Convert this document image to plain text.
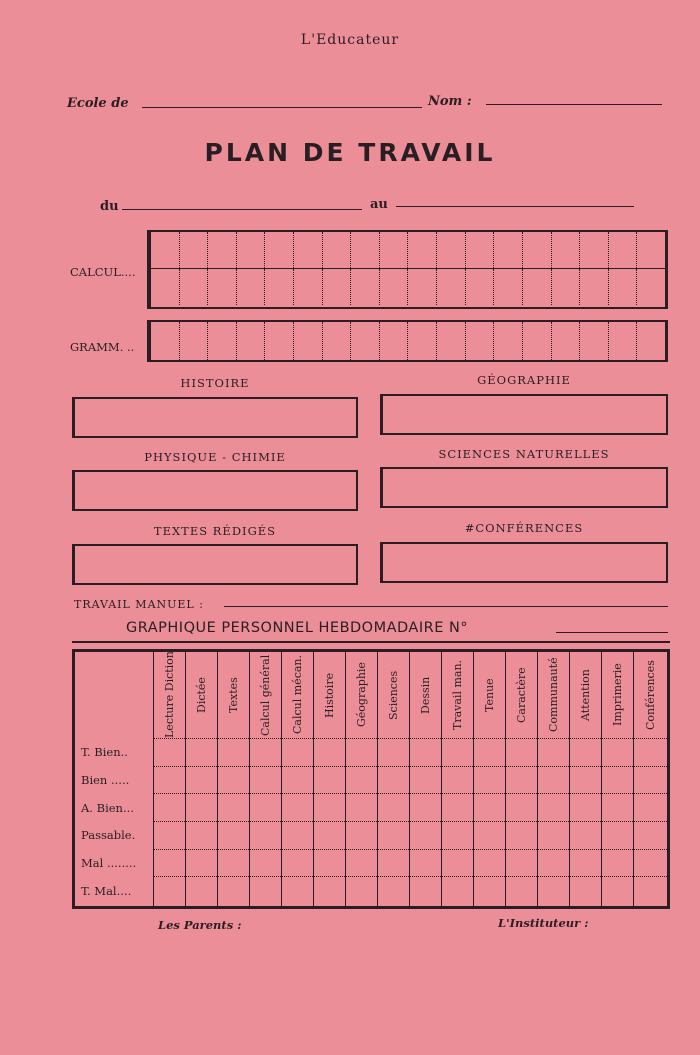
L'Educateur
Ecole de	Nom :
PLAN DE TRAVAIL
du	au
CALCUL....
GRAMM. ..
HISTOIRE	GÉOGRAPHIE
PHYSIQUE - CHIMIE	SCIENCES NATURELLES
TEXTES RÉDIGÉS	#CONFÉRENCES
TRAVAIL MANUEL :
GRAPHIQUE PERSONNEL HEBDOMADAIRE N°

Lecture Diction	Dictée	Textes	Calcul général	Calcul mécan.	Histoire	Géographie	Sciences	Dessin	Travail man.	Tenue	Caractère	Communauté	Attention	Imprimerie	Conférences

T. Bien..																
Bien .....																
A. Bien...																
Passable.																
Mal ........																
T. Mal....																
Les Parents :	L'Instituteur :
